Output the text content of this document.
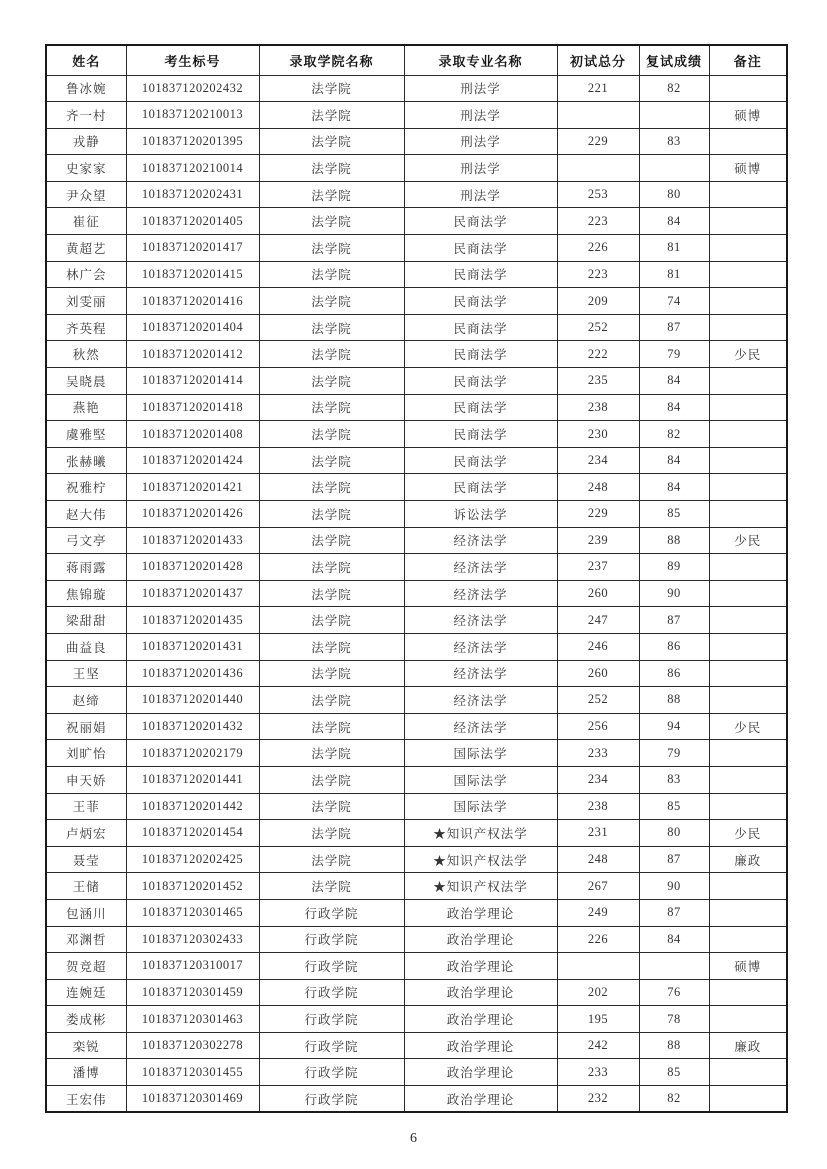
姓名	考生标号	录取学院名称	录取专业名称	初试总分	复试成绩	备注
鲁冰婉	101837120202432	法学院	刑法学	221	82	
齐一村	101837120210013	法学院	刑法学			硕博
戎静	101837120201395	法学院	刑法学	229	83	
史家家	101837120210014	法学院	刑法学			硕博
尹众望	101837120202431	法学院	刑法学	253	80	
崔征	101837120201405	法学院	民商法学	223	84	
黄超艺	101837120201417	法学院	民商法学	226	81	
林广会	101837120201415	法学院	民商法学	223	81	
刘雯丽	101837120201416	法学院	民商法学	209	74	
齐英程	101837120201404	法学院	民商法学	252	87	
秋然	101837120201412	法学院	民商法学	222	79	少民
吴晓晨	101837120201414	法学院	民商法学	235	84	
燕艳	101837120201418	法学院	民商法学	238	84	
虞雅堅	101837120201408	法学院	民商法学	230	82	
张赫曦	101837120201424	法学院	民商法学	234	84	
祝雅柠	101837120201421	法学院	民商法学	248	84	
赵大伟	101837120201426	法学院	诉讼法学	229	85	
弓文亭	101837120201433	法学院	经济法学	239	88	少民
蒋雨露	101837120201428	法学院	经济法学	237	89	
焦锦璇	101837120201437	法学院	经济法学	260	90	
梁甜甜	101837120201435	法学院	经济法学	247	87	
曲益良	101837120201431	法学院	经济法学	246	86	
王坚	101837120201436	法学院	经济法学	260	86	
赵缔	101837120201440	法学院	经济法学	252	88	
祝丽娟	101837120201432	法学院	经济法学	256	94	少民
刘旷怡	101837120202179	法学院	国际法学	233	79	
申天娇	101837120201441	法学院	国际法学	234	83	
王菲	101837120201442	法学院	国际法学	238	85	
卢炳宏	101837120201454	法学院	★知识产权法学	231	80	少民
聂莹	101837120202425	法学院	★知识产权法学	248	87	廉政
王储	101837120201452	法学院	★知识产权法学	267	90	
包涵川	101837120301465	行政学院	政治学理论	249	87	
邓渊哲	101837120302433	行政学院	政治学理论	226	84	
贺竞超	101837120310017	行政学院	政治学理论			硕博
连婉廷	101837120301459	行政学院	政治学理论	202	76	
娄成彬	101837120301463	行政学院	政治学理论	195	78	
栾锐	101837120302278	行政学院	政治学理论	242	88	廉政
潘博	101837120301455	行政学院	政治学理论	233	85	
王宏伟	101837120301469	行政学院	政治学理论	232	82	
6
